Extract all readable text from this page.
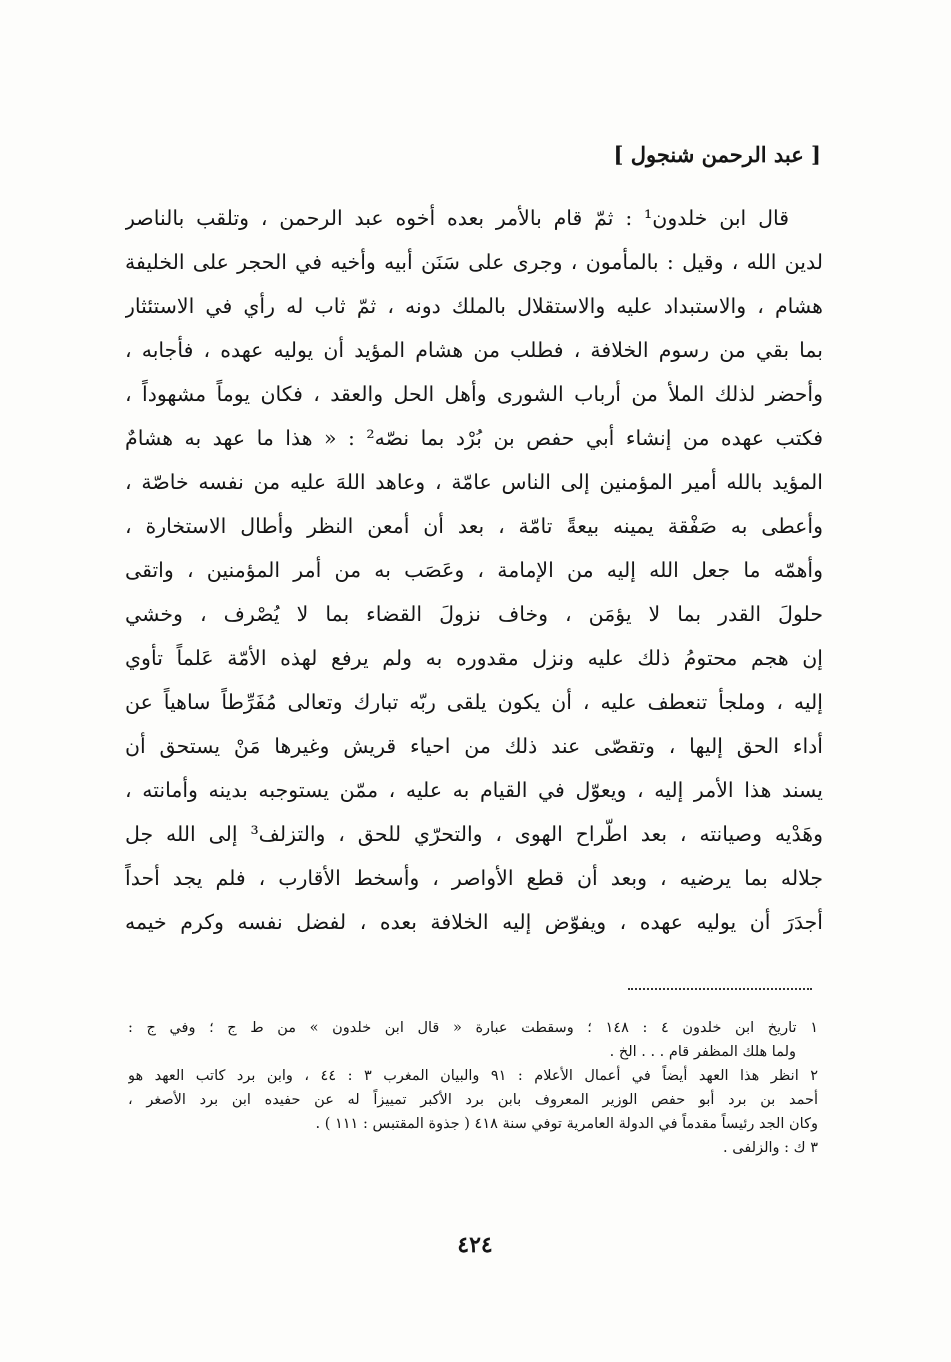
[ عبد الرحمن شنجول ]
قال ابن خلدون¹ : ثمّ قام بالأمر بعده أخوه عبد الرحمن ، وتلقب بالناصر
لدين الله ، وقيل : بالمأمون ، وجرى على سَنَن أبيه وأخيه في الحجر على الخليفة
هشام ، والاستبداد عليه والاستقلال بالملك دونه ، ثمّ ثاب له رأي في الاستئثار
بما بقي من رسوم الخلافة ، فطلب من هشام المؤيد أن يوليه عهده ، فأجابه ،
وأحضر لذلك الملأ من أرباب الشورى وأهل الحل والعقد ، فكان يوماً مشهوداً ،
فكتب عهده من إنشاء أبي حفص بن بُرْد بما نصّه² : « هذا ما عهد به هشامٌ
المؤيد بالله أمير المؤمنين إلى الناس عامّة ، وعاهد اللهَ عليه من نفسه خاصّة ،
وأعطى به صَفْقة يمينه بيعةً تامّة ، بعد أن أمعن النظر وأطال الاستخارة ،
وأهمّه ما جعل الله إليه من الإمامة ، وعَصَب به من أمر المؤمنين ، واتقى
حلولَ القدر بما لا يؤمَن ، وخاف نزولَ القضاء بما لا يُصْرف ، وخشي
إن هجم محتومُ ذلك عليه ونزل مقدوره به ولم يرفع لهذه الأمّة عَلماً تأوي
إليه ، وملجأ تنعطف عليه ، أن يكون يلقى ربّه تبارك وتعالى مُفَرِّطاً ساهياً عن
أداء الحق إليها ، وتقصّى عند ذلك من احياء قريش وغيرها مَنْ يستحق أن
يسند هذا الأمر إليه ، ويعوّل في القيام به عليه ، ممّن يستوجبه بدينه وأمانته ،
وهَدْيه وصيانته ، بعد اطّراح الهوى ، والتحرّي للحق ، والتزلف³ إلى الله جل
جلاله بما يرضيه ، وبعد أن قطع الأواصر ، وأسخط الأقارب ، فلم يجد أحداً
أجدَرَ أن يوليه عهده ، ويفوّض إليه الخلافة بعده ، لفضل نفسه وكرم خيمه
١ تاريخ ابن خلدون ٤ : ١٤٨ ؛ وسقطت عبارة « قال ابن خلدون » من ط ج ؛ وفي ج :
ولما هلك المظفر قام . . . الخ .
٢ انظر هذا العهد أيضاً في أعمال الأعلام : ٩١ والبيان المغرب ٣ : ٤٤ ، وابن برد كاتب العهد هو
أحمد بن برد أبو حفص الوزير المعروف بابن برد الأكبر تمييزاً له عن حفيده ابن برد الأصغر ،
وكان الجد رئيساً مقدماً في الدولة العامرية توفي سنة ٤١٨ ( جذوة المقتبس : ١١١ ) .
٣ ك : والزلفى .
٤٢٤
